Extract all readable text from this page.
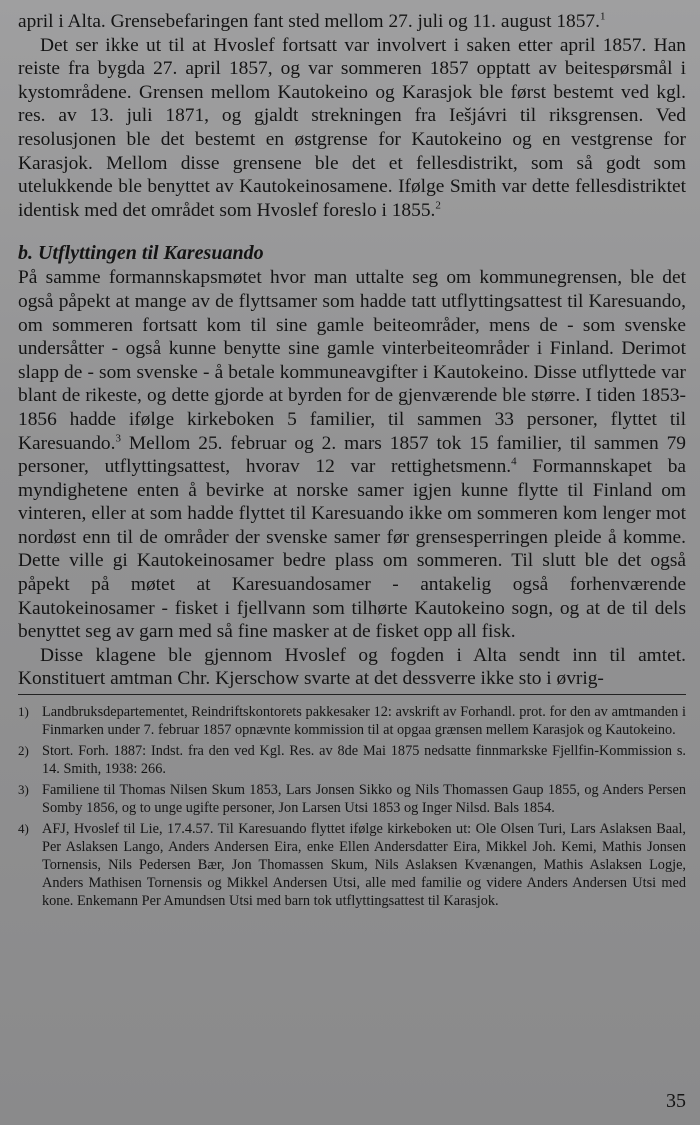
april i Alta. Grensebefaringen fant sted mellom 27. juli og 11. august 1857.$^1$

Det ser ikke ut til at Hvoslef fortsatt var involvert i saken etter april 1857. Han reiste fra bygda 27. april 1857, og var sommeren 1857 opptatt av beitespørsmål i kystområdene. Grensen mellom Kautokeino og Karasjok ble først bestemt ved kgl. res. av 13. juli 1871, og gjaldt strekningen fra Iešjávri til riksgrensen. Ved resolusjonen ble det bestemt en østgrense for Kautokeino og en vestgrense for Karasjok. Mellom disse grensene ble det et fellesdistrikt, som så godt som utelukkende ble benyttet av Kautokeinosamene. Ifølge Smith var dette fellesdistriktet identisk med det området som Hvoslef foreslo i 1855.$^2$

b. Utflyttingen til Karesuando

På samme formannskapsmøtet hvor man uttalte seg om kommunegrensen, ble det også påpekt at mange av de flyttsamer som hadde tatt utflyttingsattest til Karesuando, om sommeren fortsatt kom til sine gamle beiteområder, mens de - som svenske undersåtter - også kunne benytte sine gamle vinterbeiteområder i Finland. Derimot slapp de - som svenske - å betale kommuneavgifter i Kautokeino. Disse utflyttede var blant de rikeste, og dette gjorde at byrden for de gjenværende ble større. I tiden 1853-1856 hadde ifølge kirkeboken 5 familier, til sammen 33 personer, flyttet til Karesuando.$^3$ Mellom 25. februar og 2. mars 1857 tok 15 familier, til sammen 79 personer, utflyttingsattest, hvorav 12 var rettighetsmenn.$^4$ Formannskapet ba myndighetene enten å bevirke at norske samer igjen kunne flytte til Finland om vinteren, eller at som hadde flyttet til Karesuando ikke om sommeren kom lenger mot nordøst enn til de områder der svenske samer før grensesperringen pleide å komme. Dette ville gi Kautokeinosamer bedre plass om sommeren. Til slutt ble det også påpekt på møtet at Karesuandosamer - antakelig også forhenværende Kautokeinosamer - fisket i fjellvann som tilhørte Kautokeino sogn, og at de til dels benyttet seg av garn med så fine masker at de fisket opp all fisk.

Disse klagene ble gjennom Hvoslef og fogden i Alta sendt inn til amtet. Konstituert amtman Chr. Kjerschow svarte at det dessverre ikke sto i øvrig-

1) Landbruksdepartementet, Reindriftskontorets pakkesaker 12: avskrift av Forhandl. prot. for den av amtmanden i Finmarken under 7. februar 1857 opnævnte kommission til at opgaa grænsen mellem Karasjok og Kautokeino.
2) Stort. Forh. 1887: Indst. fra den ved Kgl. Res. av 8de Mai 1875 nedsatte finnmarkske Fjellfin-Kommission s. 14. Smith, 1938: 266.
3) Familiene til Thomas Nilsen Skum 1853, Lars Jonsen Sikko og Nils Thomassen Gaup 1855, og Anders Persen Somby 1856, og to unge ugifte personer, Jon Larsen Utsi 1853 og Inger Nilsd. Bals 1854.
4) AFJ, Hvoslef til Lie, 17.4.57. Til Karesuando flyttet ifølge kirkeboken ut: Ole Olsen Turi, Lars Aslaksen Baal, Per Aslaksen Lango, Anders Andersen Eira, enke Ellen Andersdatter Eira, Mikkel Joh. Kemi, Mathis Jonsen Tornensis, Nils Pedersen Bær, Jon Thomassen Skum, Nils Aslaksen Kvænangen, Mathis Aslaksen Logje, Anders Mathisen Tornensis og Mikkel Andersen Utsi, alle med familie og videre Anders Andersen Utsi med kone. Enkemann Per Amundsen Utsi med barn tok utflyttingsattest til Karasjok.
35
